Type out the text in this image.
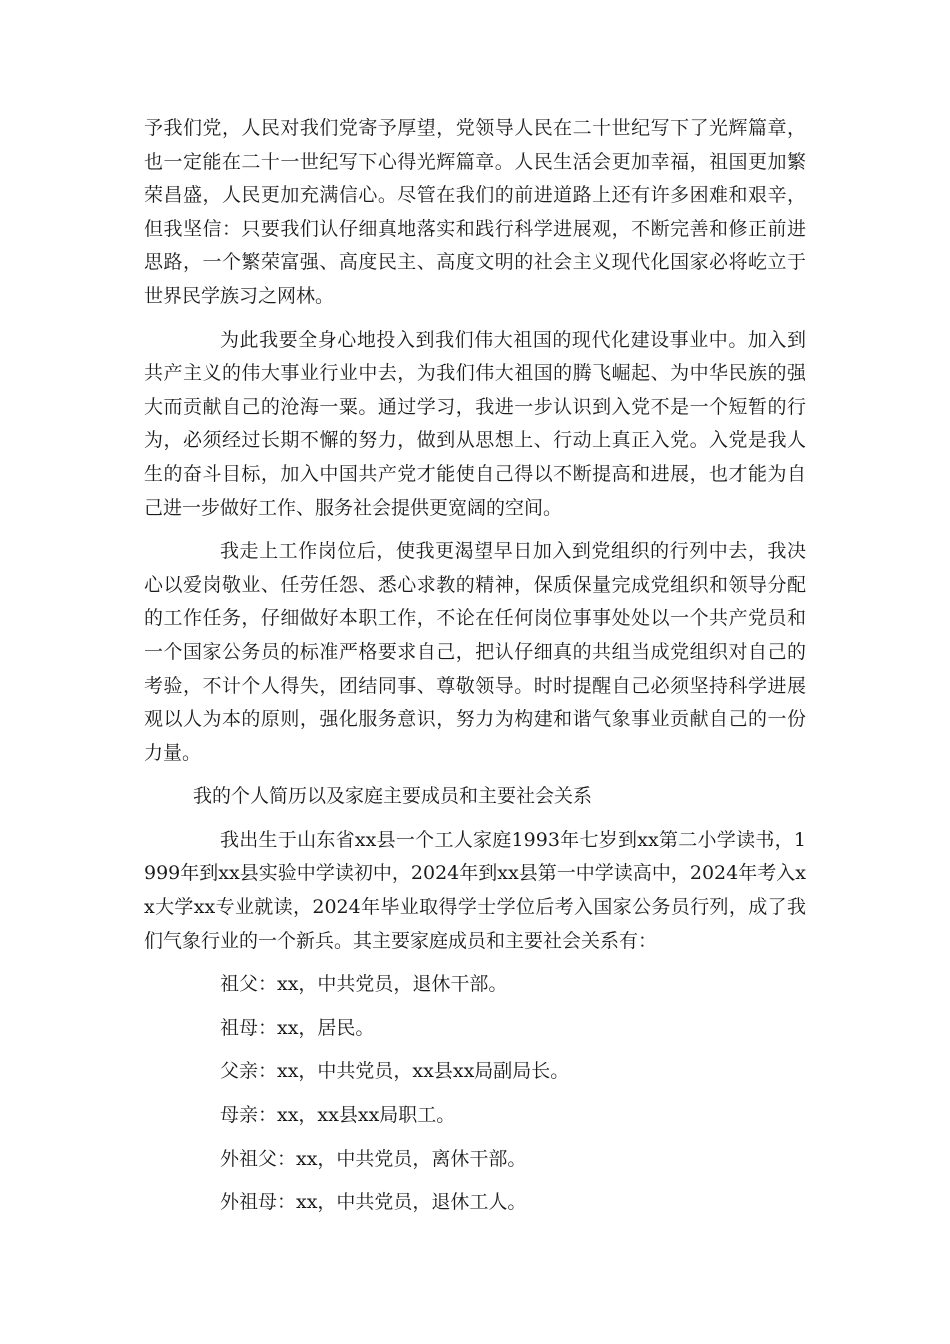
予我们党，人民对我们党寄予厚望，党领导人民在二十世纪写下了光辉篇章，也一定能在二十一世纪写下心得光辉篇章。人民生活会更加幸福，祖国更加繁荣昌盛，人民更加充满信心。尽管在我们的前进道路上还有许多困难和艰辛，但我坚信：只要我们认仔细真地落实和践行科学进展观，不断完善和修正前进思路，一个繁荣富强、高度民主、高度文明的社会主义现代化国家必将屹立于世界民学族习之网林。

为此我要全身心地投入到我们伟大祖国的现代化建设事业中。加入到共产主义的伟大事业行业中去，为我们伟大祖国的腾飞崛起、为中华民族的强大而贡献自己的沧海一粟。通过学习，我进一步认识到入党不是一个短暂的行为，必须经过长期不懈的努力，做到从思想上、行动上真正入党。入党是我人生的奋斗目标，加入中国共产党才能使自己得以不断提高和进展，也才能为自己进一步做好工作、服务社会提供更宽阔的空间。

我走上工作岗位后，使我更渴望早日加入到党组织的行列中去，我决心以爱岗敬业、任劳任怨、悉心求教的精神，保质保量完成党组织和领导分配的工作任务，仔细做好本职工作，不论在任何岗位事事处处以一个共产党员和一个国家公务员的标准严格要求自己，把认仔细真的共组当成党组织对自己的考验，不计个人得失，团结同事、尊敬领导。时时提醒自己必须坚持科学进展观以人为本的原则，强化服务意识，努力为构建和谐气象事业贡献自己的一份力量。

我的个人简历以及家庭主要成员和主要社会关系

我出生于山东省xx县一个工人家庭1993年七岁到xx第二小学读书，1999年到xx县实验中学读初中，2024年到xx县第一中学读高中，2024年考入xx大学xx专业就读，2024年毕业取得学士学位后考入国家公务员行列，成了我们气象行业的一个新兵。其主要家庭成员和主要社会关系有：

祖父：xx，中共党员，退休干部。

祖母：xx，居民。

父亲：xx，中共党员，xx县xx局副局长。

母亲：xx，xx县xx局职工。

外祖父：xx，中共党员，离休干部。

外祖母：xx，中共党员，退休工人。
